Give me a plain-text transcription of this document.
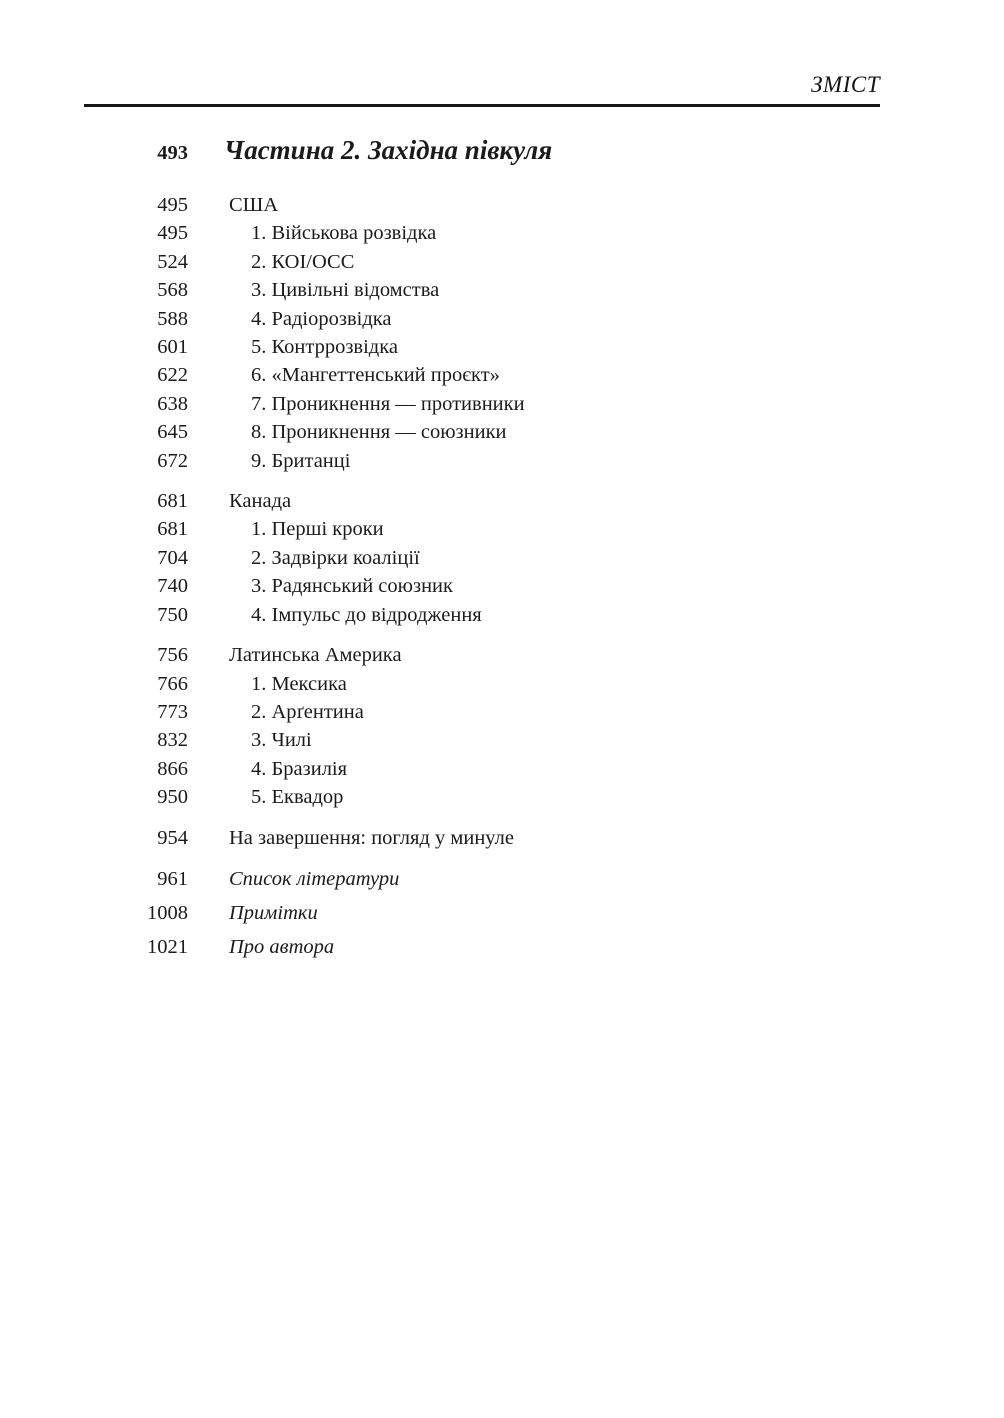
ЗМІСТ
493	Частина 2. Західна півкуля
495	США
495	1. Військова розвідка
524	2. КОІ/ОСС
568	3. Цивільні відомства
588	4. Радіорозвідка
601	5. Контррозвідка
622	6. «Мангеттенський проєкт»
638	7. Проникнення — противники
645	8. Проникнення — союзники
672	9. Британці
681	Канада
681	1. Перші кроки
704	2. Задвірки коаліції
740	3. Радянський союзник
750	4. Імпульс до відродження
756	Латинська Америка
766	1. Мексика
773	2. Арґентина
832	3. Чилі
866	4. Бразилія
950	5. Еквадор
954	На завершення: погляд у минуле
961	Список літератури
1008	Примітки
1021	Про автора
